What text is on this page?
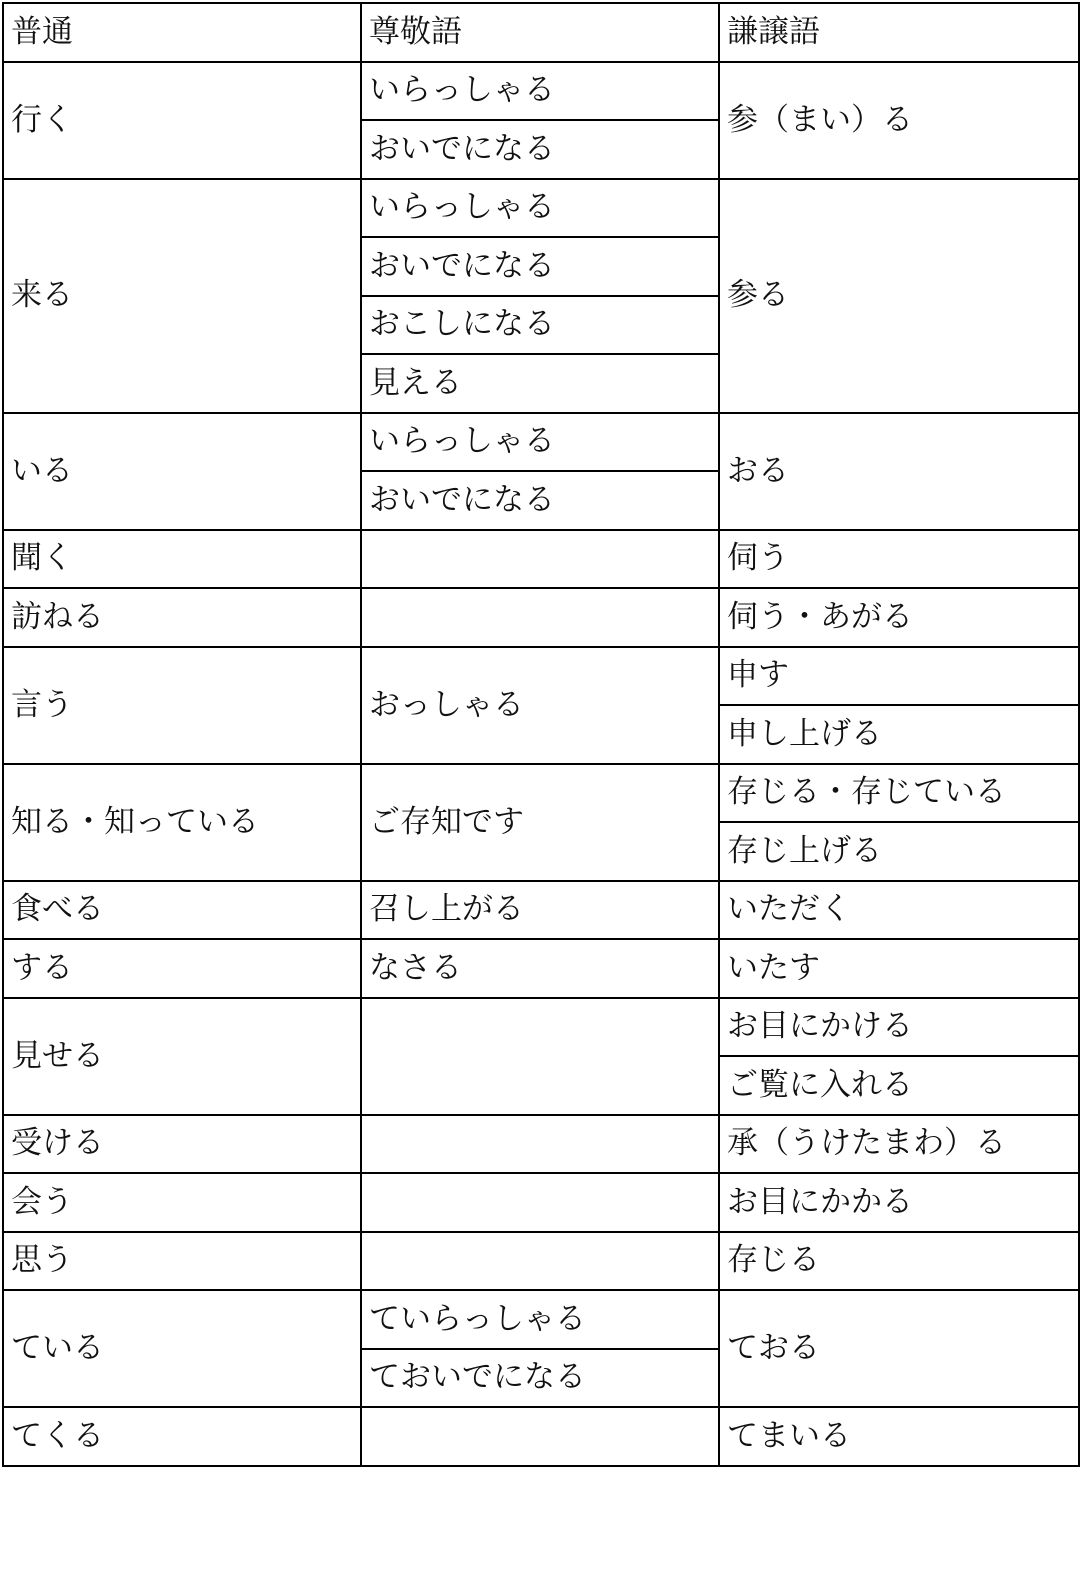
普通	尊敬語	謙譲語
行く	いらっしゃる	参（まい）る
	おいでになる	
来る	いらっしゃる	参る
	おいでになる	
	おこしになる	
	見える	
いる	いらっしゃる	おる
	おいでになる	
聞く		伺う
訪ねる		伺う・あがる
言う	おっしゃる	申す
		申し上げる
知る・知っている	ご存知です	存じる・存じている
		存じ上げる
食べる	召し上がる	いただく
する	なさる	いたす
見せる		お目にかける
		ご覧に入れる
受ける		承（うけたまわ）る
会う		お目にかかる
思う		存じる
ている	ていらっしゃる	ておる
	ておいでになる	
てくる		てまいる
